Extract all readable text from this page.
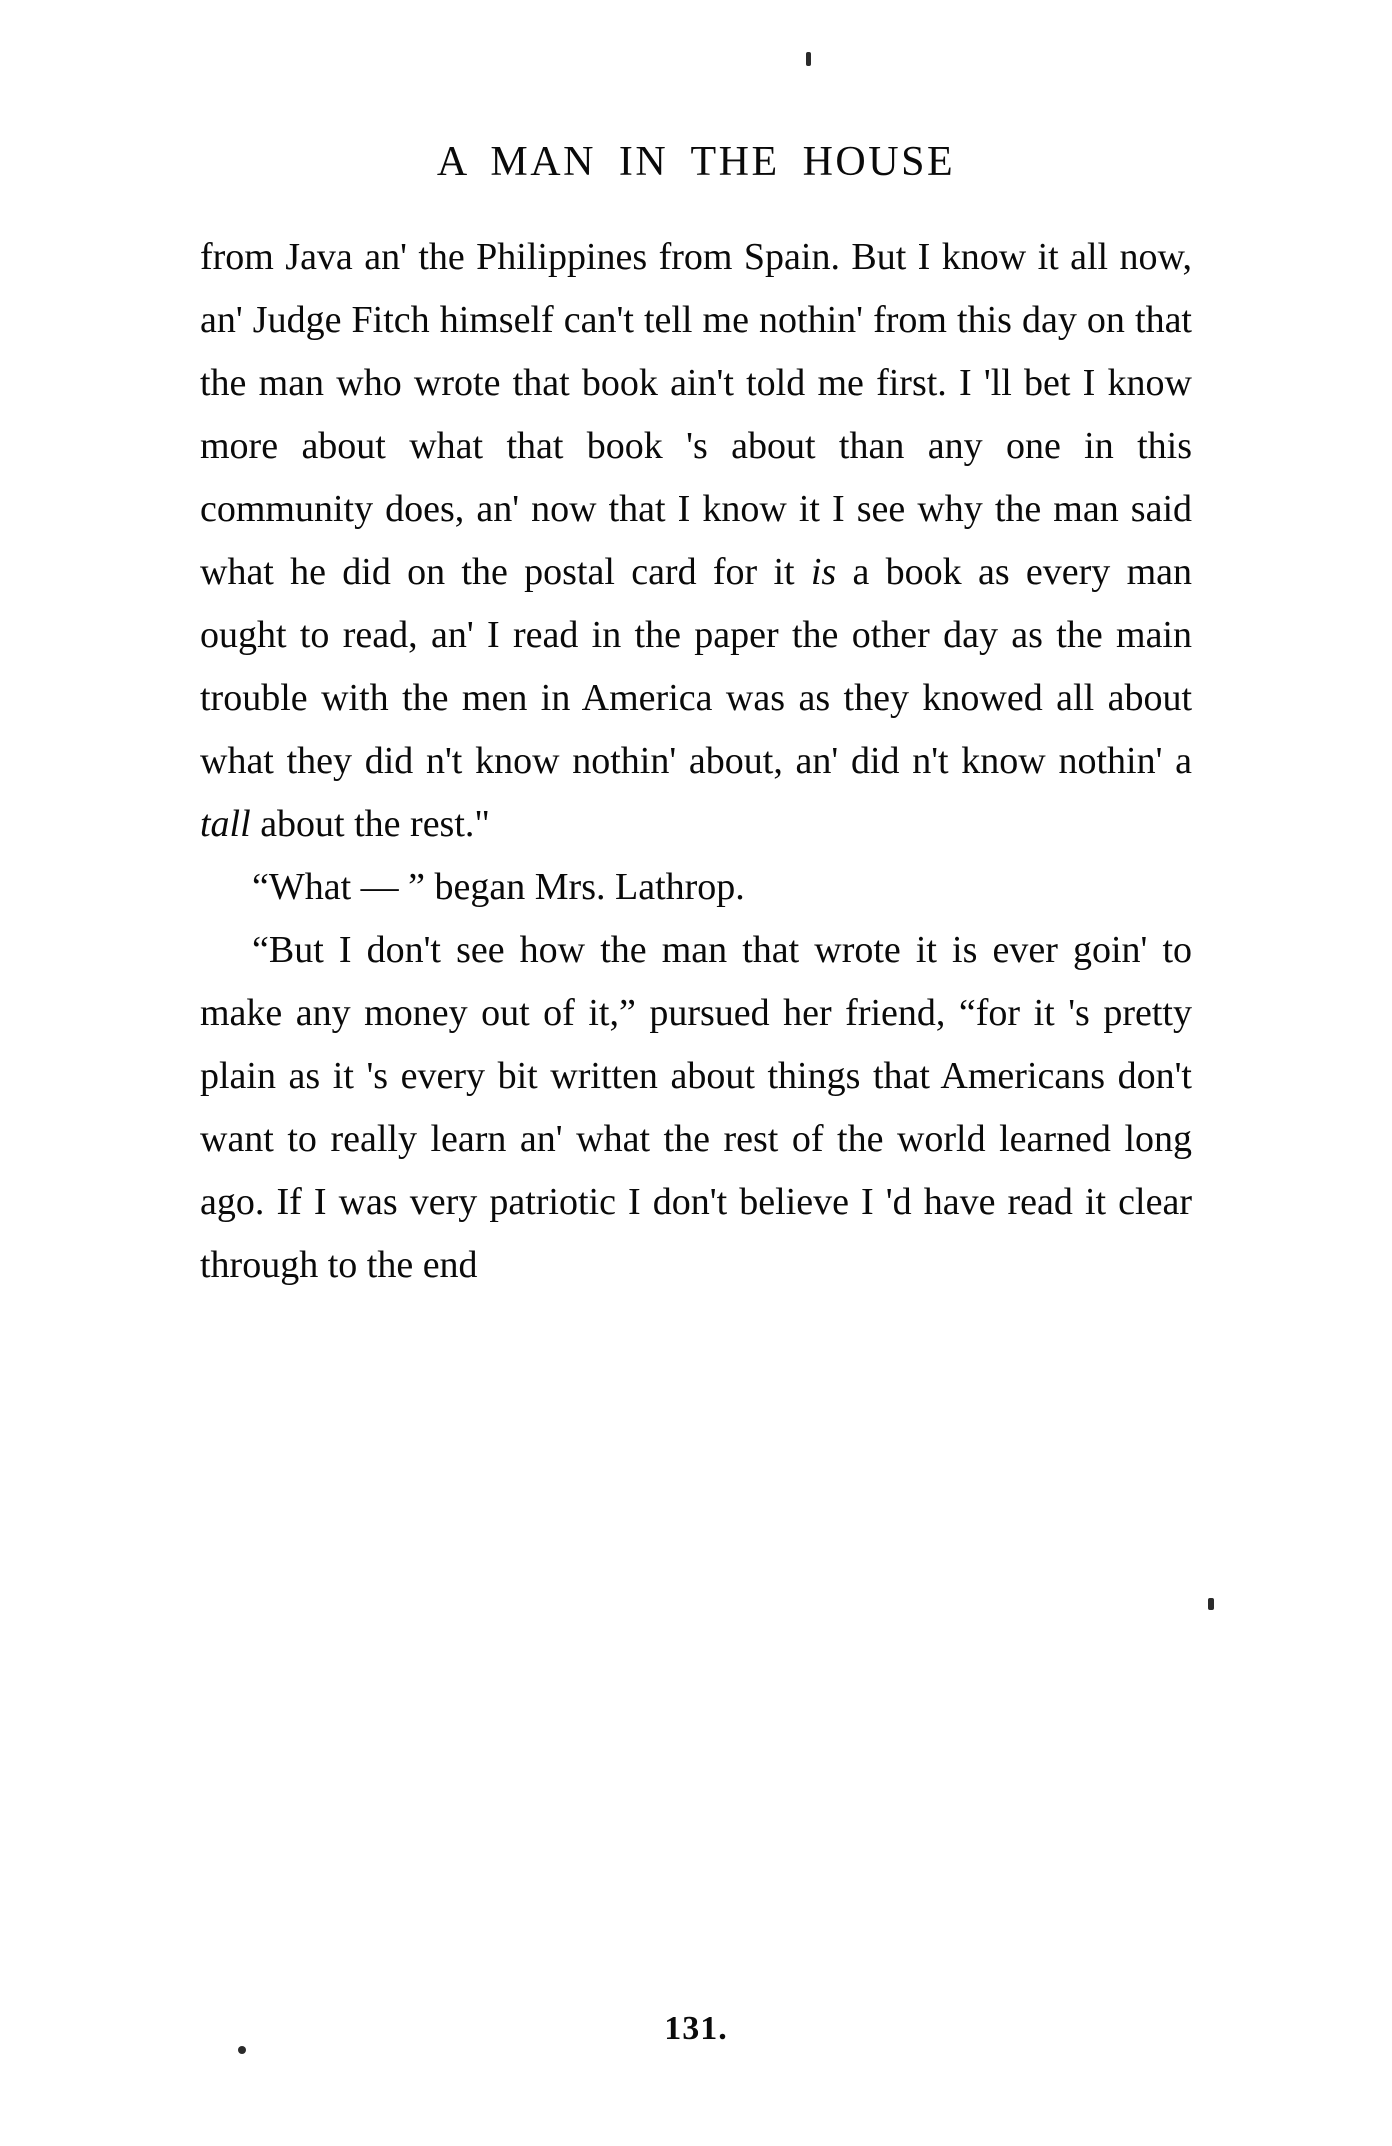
A MAN IN THE HOUSE

from Java an' the Philippines from Spain. But I know it all now, an' Judge Fitch himself can't tell me nothin' from this day on that the man who wrote that book ain't told me first. I 'll bet I know more about what that book 's about than any one in this community does, an' now that I know it I see why the man said what he did on the postal card for it is a book as every man ought to read, an' I read in the paper the other day as the main trouble with the men in America was as they knowed all about what they did n't know nothin' about, an' did n't know nothin' a tall about the rest."

“What — ” began Mrs. Lathrop.

“But I don't see how the man that wrote it is ever goin' to make any money out of it,” pursued her friend, “for it 's pretty plain as it 's every bit written about things that Americans don't want to really learn an' what the rest of the world learned long ago. If I was very patriotic I don't believe I 'd have read it clear through to the end

131.
